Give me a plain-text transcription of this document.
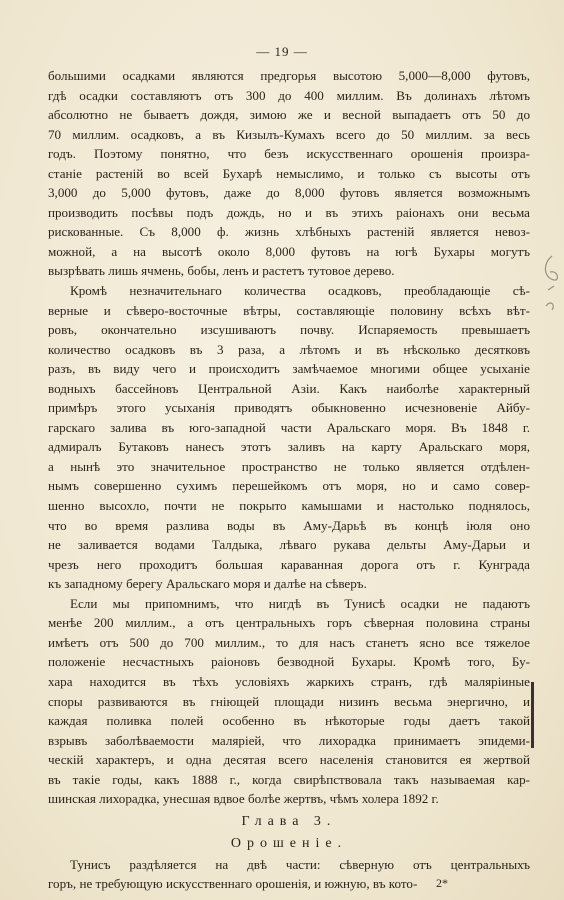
— 19 —
большими осадками являются предгорья высотою 5,000—8,000 футовъ,
гдѣ осадки составляютъ отъ 300 до 400 миллим. Въ долинахъ лѣтомъ
абсолютно не бываетъ дождя, зимою же и весной выпадаетъ отъ 50 до
70 миллим. осадковъ, а въ Кизылъ-Кумахъ всего до 50 миллим. за весь
годъ. Поэтому понятно, что безъ искусственнаго орошенія произра-
станіе растеній во всей Бухарѣ немыслимо, и только съ высоты отъ
3,000 до 5,000 футовъ, даже до 8,000 футовъ является возможнымъ
производить посѣвы подъ дождь, но и въ этихъ раіонахъ они весьма
рискованные. Съ 8,000 ф. жизнь хлѣбныхъ растеній является невоз-
можной, а на высотѣ около 8,000 футовъ на югѣ Бухары могутъ
вызрѣвать лишь ячмень, бобы, ленъ и растетъ тутовое дерево.
Кромѣ незначительнаго количества осадковъ, преобладающіе сѣ-
верные и сѣверо-восточные вѣтры, составляющіе половину всѣхъ вѣт-
ровъ, окончательно изсушиваютъ почву. Испаряемость превышаетъ
количество осадковъ въ 3 раза, а лѣтомъ и въ нѣсколько десятковъ
разъ, въ виду чего и происходитъ замѣчаемое многими общее усыханіе
водныхъ бассейновъ Центральной Азіи. Какъ наиболѣе характерный
примѣръ этого усыханія приводятъ обыкновенно исчезновеніе Айбу-
гарскаго залива въ юго-западной части Аральскаго моря. Въ 1848 г.
адмиралъ Бутаковъ нанесъ этотъ заливъ на карту Аральскаго моря,
а нынѣ это значительное пространство не только является отдѣлен-
нымъ совершенно сухимъ перешейкомъ отъ моря, но и само совер-
шенно высохло, почти не покрыто камышами и настолько поднялось,
что во время разлива воды въ Аму-Дарьѣ въ концѣ іюля оно
не заливается водами Талдыка, лѣваго рукава дельты Аму-Дарьи и
чрезъ него проходитъ большая караванная дорога отъ г. Кунграда
къ западному берегу Аральскаго моря и далѣе на сѣверъ.
Если мы припомнимъ, что нигдѣ въ Тунисѣ осадки не падаютъ
менѣе 200 миллим., а отъ центральныхъ горъ сѣверная половина страны
имѣетъ отъ 500 до 700 миллим., то для насъ станетъ ясно все тяжелое
положеніе несчастныхъ раіоновъ безводной Бухары. Кромѣ того, Бу-
хара находится въ тѣхъ условіяхъ жаркихъ странъ, гдѣ маляріиные
споры развиваются въ гніющей площади низинъ весьма энергично, и
каждая поливка полей особенно въ нѣкоторые годы даетъ такой
взрывъ заболѣваемости маляріей, что лихорадка принимаетъ эпидеми-
ческій характеръ, и одна десятая всего населенія становится ея жертвой
въ такіе годы, какъ 1888 г., когда свирѣпствовала такъ называемая кар-
шинская лихорадка, унесшая вдвое болѣе жертвъ, чѣмъ холера 1892 г.
Глава 3.
Орошеніе.
Тунисъ раздѣляется на двѣ части: сѣверную отъ центральныхъ
горъ, не требующую искусственнаго орошенія, и южную, въ кото-	2*
